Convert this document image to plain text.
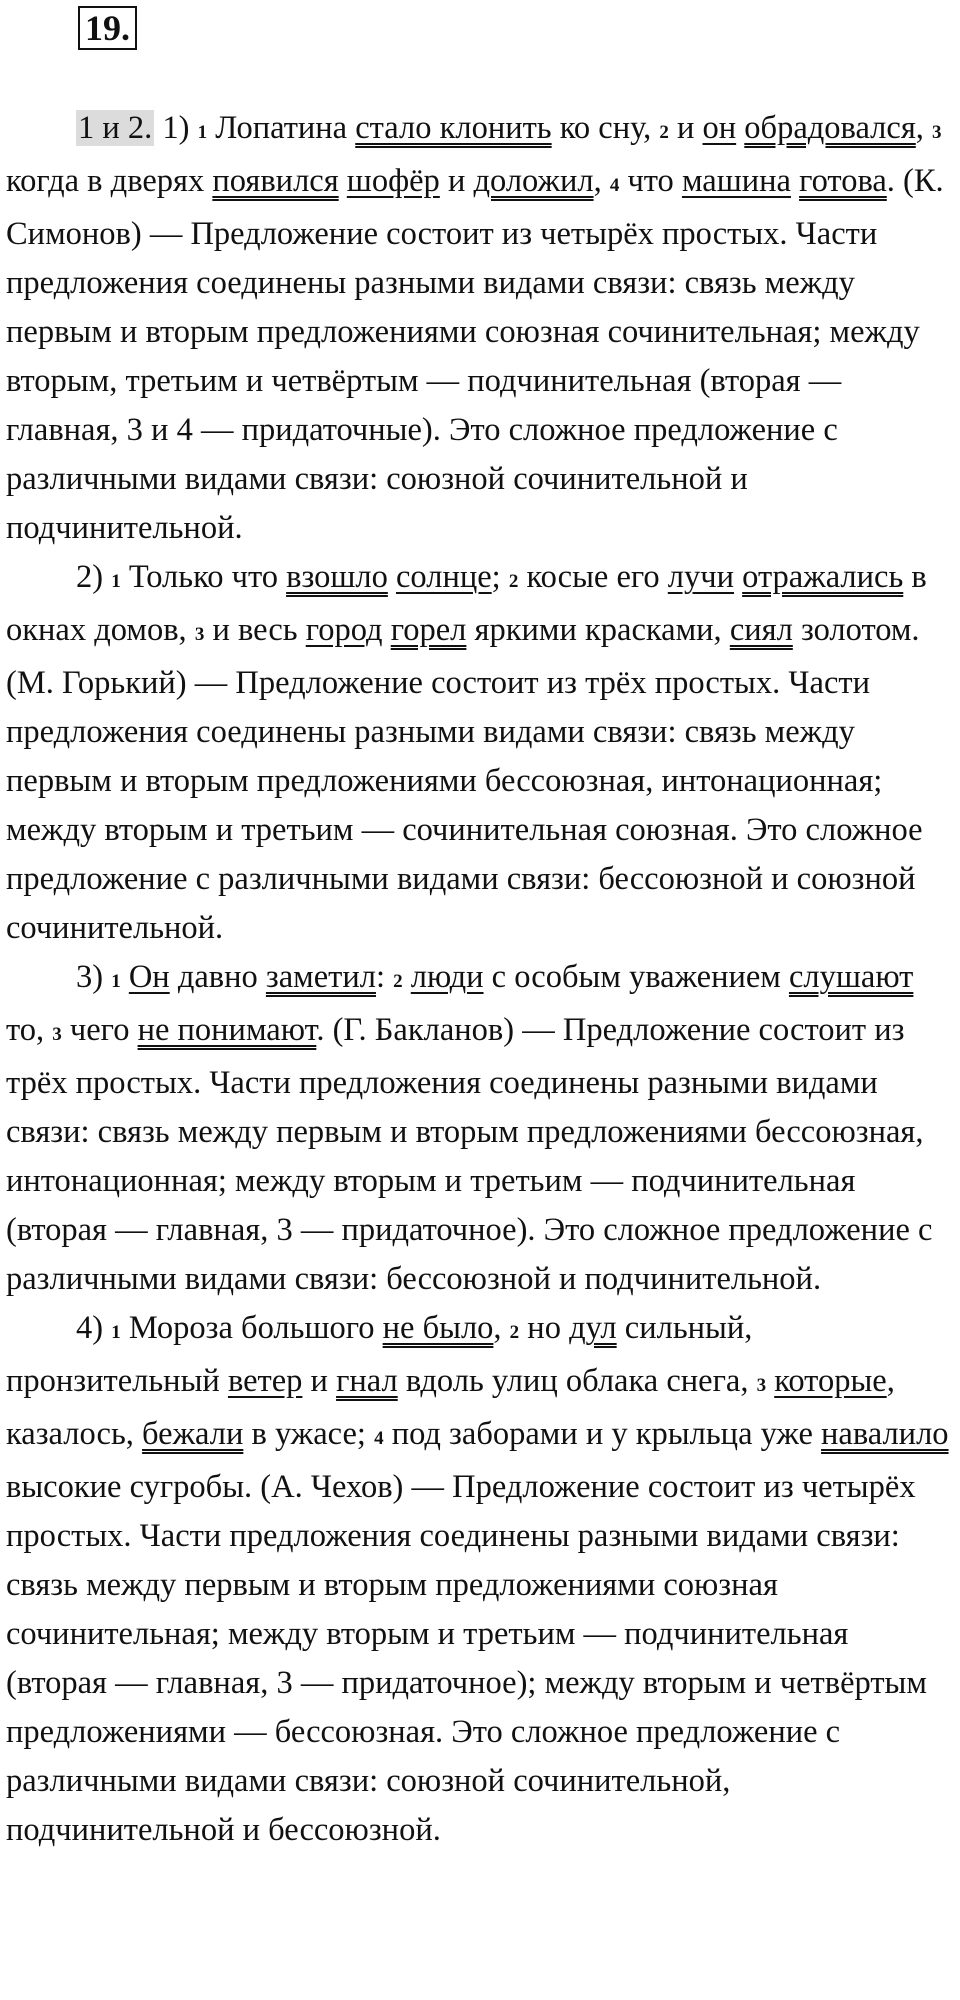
19.

1 и 2. 1) 1 Лопатина стало клонить ко сну, 2 и он обрадовался, 3 когда в дверях появился шофёр и доложил, 4 что машина готова. (К. Симонов) — Предложение состоит из четырёх простых. Части предложения соединены разными видами связи: связь между первым и вторым предложениями союзная сочинительная; между вторым, третьим и четвёртым — подчинительная (вторая — главная, 3 и 4 — придаточные). Это сложное предложение с различными видами связи: союзной сочинительной и подчинительной.

2) 1 Только что взошло солнце; 2 косые его лучи отражались в окнах домов, 3 и весь город горел яркими красками, сиял золотом. (М. Горький) — Предложение состоит из трёх простых. Части предложения соединены разными видами связи: связь между первым и вторым предложениями бессоюзная, интонационная; между вторым и третьим — сочинительная союзная. Это сложное предложение с различными видами связи: бессоюзной и союзной сочинительной.

3) 1 Он давно заметил: 2 люди с особым уважением слушают то, 3 чего не понимают. (Г. Бакланов) — Предложение состоит из трёх простых. Части предложения соединены разными видами связи: связь между первым и вторым предложениями бессоюзная, интонационная; между вторым и третьим — подчинительная (вторая — главная, 3 — придаточное). Это сложное предложение с различными видами связи: бессоюзной и подчинительной.

4) 1 Мороза большого не было, 2 но дул сильный, пронзительный ветер и гнал вдоль улиц облака снега, 3 которые, казалось, бежали в ужасе; 4 под заборами и у крыльца уже навалило высокие сугробы. (А. Чехов) — Предложение состоит из четырёх простых. Части предложения соединены разными видами связи: связь между первым и вторым предложениями союзная сочинительная; между вторым и третьим — подчинительная (вторая — главная, 3 — придаточное); между вторым и четвёртым предложениями — бессоюзная. Это сложное предложение с различными видами связи: союзной сочинительной, подчинительной и бессоюзной.
